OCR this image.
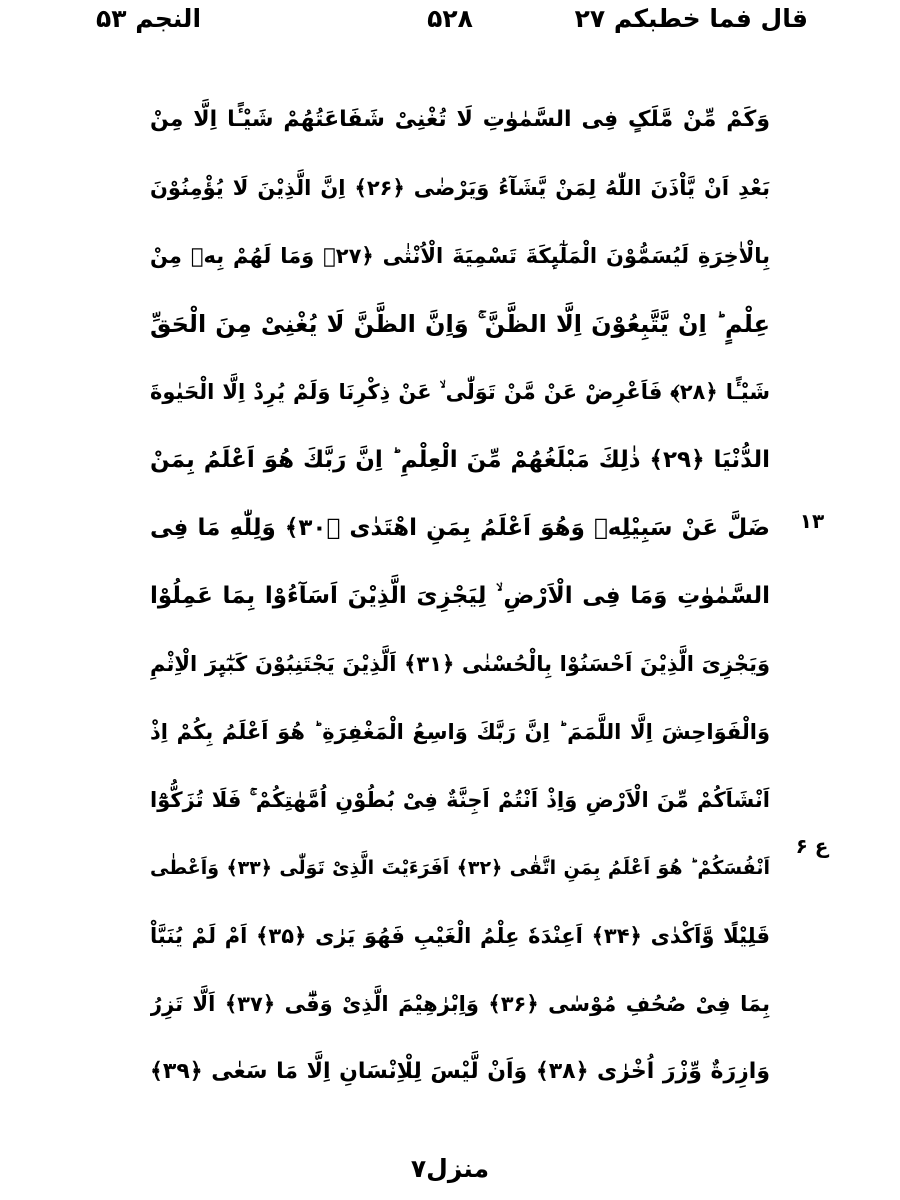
قال فما خطبکم ۲۷
۵۲۸
النجم ۵۳
وَکَمْ مِّنْ مَّلَکٍ فِی السَّمٰوٰتِ لَا تُغْنِیْ شَفَاعَتُهُمْ شَیْـًٔا اِلَّا مِنْ
بَعْدِ اَنْ یَّاْذَنَ اللّٰهُ لِمَنْ یَّشَآءُ وَیَرْضٰی ﴿۲۶﴾ اِنَّ الَّذِیْنَ لَا یُؤْمِنُوْنَ
بِالْاٰخِرَةِ لَیُسَمُّوْنَ الْمَلٰٓىِٕكَةَ تَسْمِیَةَ الْاُنْثٰی ﴿۲۷﴾ وَمَا لَهُمْ بِهٖ مِنْ
عِلْمٍ ؕ اِنْ یَّتَّبِعُوْنَ اِلَّا الظَّنَّ ۚ وَاِنَّ الظَّنَّ لَا یُغْنِیْ مِنَ الْحَقِّ
شَیْـًٔا ﴿۲۸﴾ فَاَعْرِضْ عَنْ مَّنْ تَوَلّٰی ۙ عَنْ ذِكْرِنَا وَلَمْ یُرِدْ اِلَّا الْحَیٰوةَ
الدُّنْیَا ﴿۲۹﴾ ذٰلِكَ مَبْلَغُهُمْ مِّنَ الْعِلْمِ ؕ اِنَّ رَبَّكَ هُوَ اَعْلَمُ بِمَنْ
ضَلَّ عَنْ سَبِیْلِهٖ وَهُوَ اَعْلَمُ بِمَنِ اهْتَدٰی ﴿۳۰﴾ وَلِلّٰهِ مَا فِی
السَّمٰوٰتِ وَمَا فِی الْاَرْضِ ۙ لِیَجْزِیَ الَّذِیْنَ اَسَآءُوْا بِمَا عَمِلُوْا
وَیَجْزِیَ الَّذِیْنَ اَحْسَنُوْا بِالْحُسْنٰی ﴿۳۱﴾ اَلَّذِیْنَ یَجْتَنِبُوْنَ كَبٰٓىِٕرَ الْاِثْمِ
وَالْفَوَاحِشَ اِلَّا اللَّمَمَ ؕ اِنَّ رَبَّكَ وَاسِعُ الْمَغْفِرَةِ ؕ هُوَ اَعْلَمُ بِكُمْ اِذْ
اَنْشَاَكُمْ مِّنَ الْاَرْضِ وَاِذْ اَنْتُمْ اَجِنَّةٌ فِیْ بُطُوْنِ اُمَّهٰتِكُمْ ۚ فَلَا تُزَكُّوْٓا
اَنْفُسَكُمْ ؕ هُوَ اَعْلَمُ بِمَنِ اتَّقٰی ﴿۳۲﴾ اَفَرَءَیْتَ الَّذِیْ تَوَلّٰی ﴿۳۳﴾ وَاَعْطٰی
قَلِیْلًا وَّاَكْدٰی ﴿۳۴﴾ اَعِنْدَهٗ عِلْمُ الْغَیْبِ فَهُوَ یَرٰی ﴿۳۵﴾ اَمْ لَمْ یُنَبَّاْ
بِمَا فِیْ صُحُفِ مُوْسٰی ﴿۳۶﴾ وَاِبْرٰهِیْمَ الَّذِیْ وَفّٰٓی ﴿۳۷﴾ اَلَّا تَزِرُ
وَازِرَةٌ وِّزْرَ اُخْرٰی ﴿۳۸﴾ وَاَنْ لَّیْسَ لِلْاِنْسَانِ اِلَّا مَا سَعٰی ﴿۳۹﴾
۱۳
ع ۶
منزل۷
